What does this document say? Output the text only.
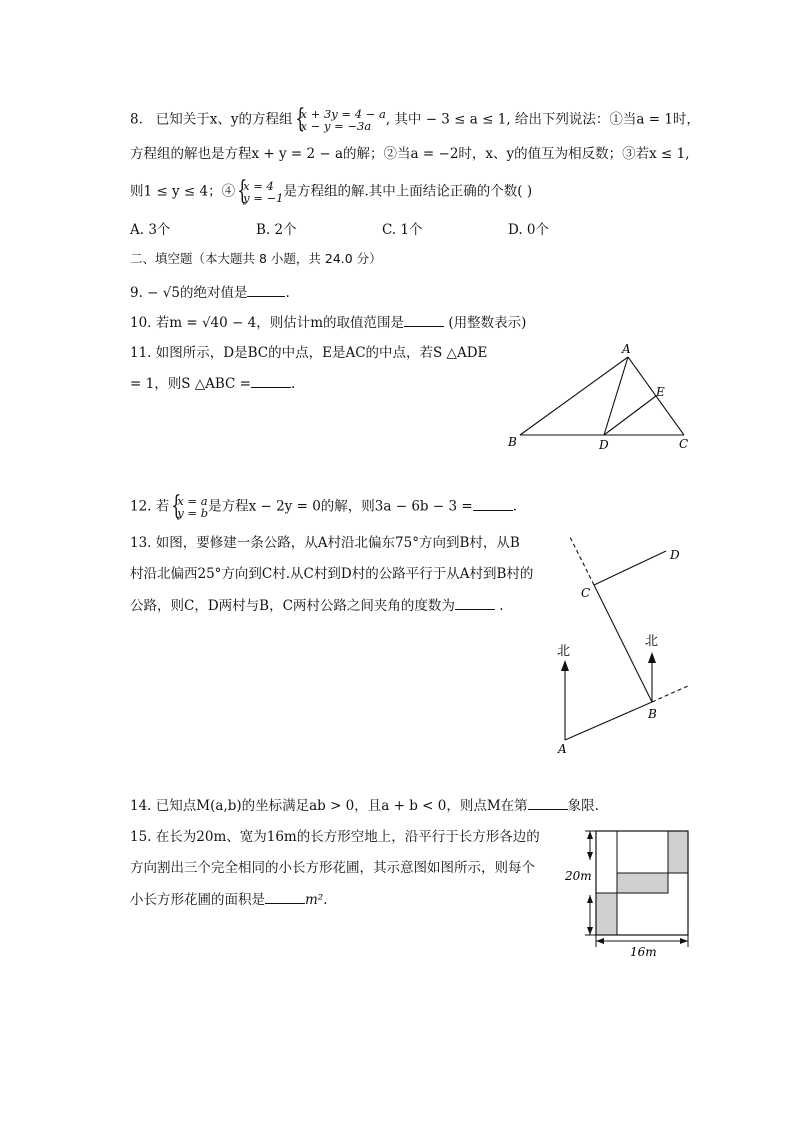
8. 已知关于x、y的方程组 { x + 3y = 4 − a
x − y = −3a , 其中 − 3 ≤ a ≤ 1, 给出下列说法：①当a = 1时，
方程组的解也是方程x + y = 2 − a的解；②当a = −2时，x、y的值互为相反数；③若x ≤ 1,
则1 ≤ y ≤ 4；④ { x = 4
y = −1是方程组的解.其中上面结论正确的个数( )
A. 3个	B. 2个	C. 1个	D. 0个
二、填空题（本大题共 8 小题，共 24.0 分）
9. − √5的绝对值是	.
10. 若m = √40 − 4，则估计m的取值范围是	(用整数表示)
11. 如图所示，D是BC的中点，E是AC的中点，若S △ADE
= 1，则S △ABC =	.
A
B	C
D
E
12. 若 { x = a
y = b是方程x − 2y = 0的解，则3a − 6b − 3 =	.
13. 如图，要修建一条公路，从A村沿北偏东75°方向到B村，从B
村沿北偏西25°方向到C村.从C村到D村的公路平行于从A村到B村的
公路，则C，D两村与B，C两村公路之间夹角的度数为	.
北
北
A
B
C
D
14. 已知点M(a,b)的坐标满足ab > 0，且a + b < 0，则点M在第	象限.
15. 在长为20m、宽为16m的长方形空地上，沿平行于长方形各边的
方向割出三个完全相同的小长方形花圃，其示意图如图所示，则每个
小长方形花圃的面积是	m².
20m
16m
